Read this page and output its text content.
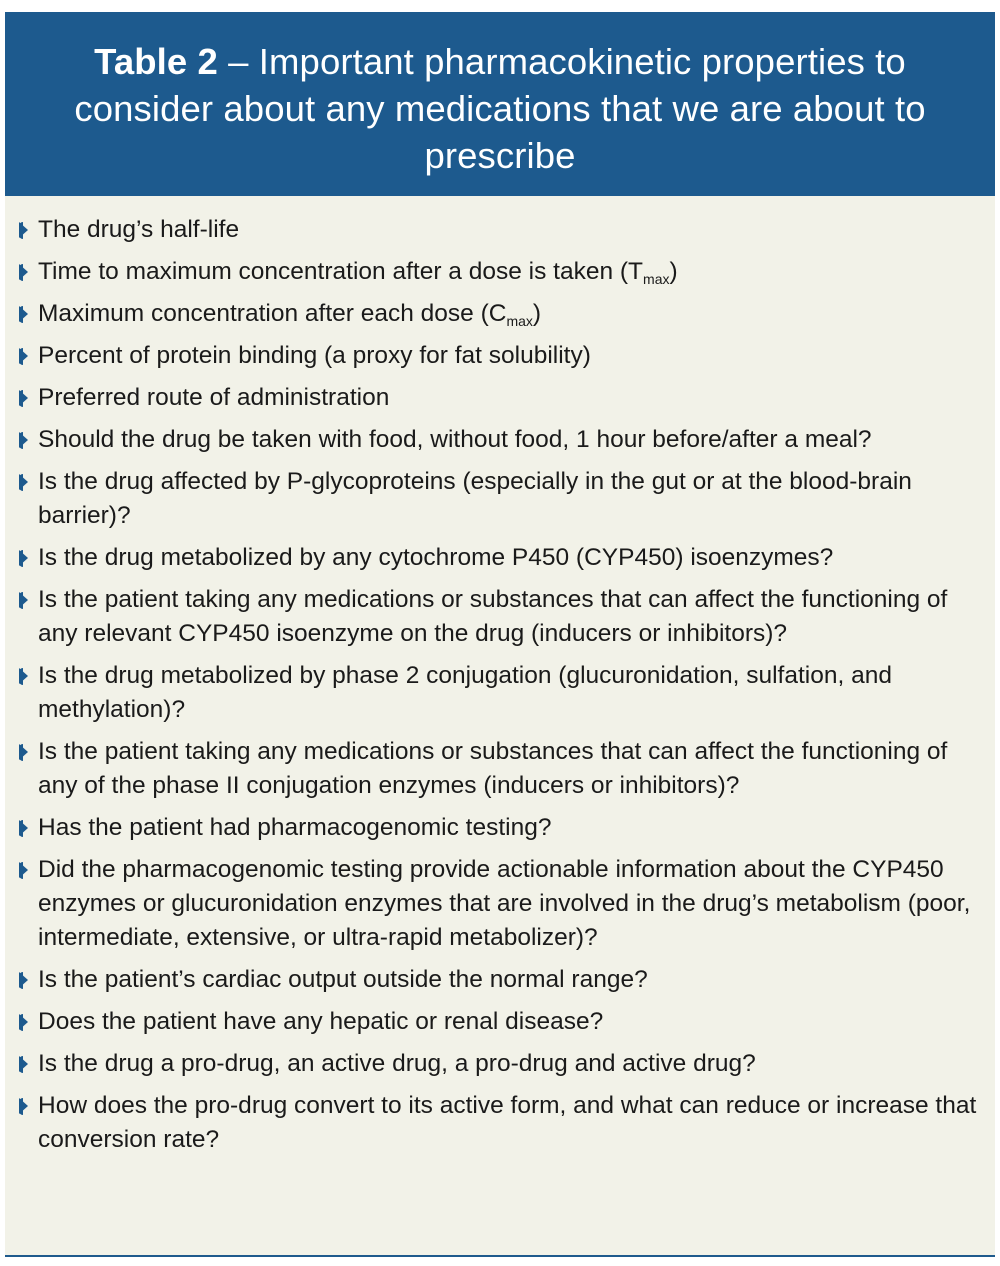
Table 2 – Important pharmacokinetic properties to consider about any medications that we are about to prescribe
The drug’s half-life
Time to maximum concentration after a dose is taken $(T_{max})$
Maximum concentration after each dose $(C_{max})$
Percent of protein binding (a proxy for fat solubility)
Preferred route of administration
Should the drug be taken with food, without food, 1 hour before/after a meal?
Is the drug affected by P-glycoproteins (especially in the gut or at the blood-brain barrier)?
Is the drug metabolized by any cytochrome P450 (CYP450) isoenzymes?
Is the patient taking any medications or substances that can affect the functioning of any relevant CYP450 isoenzyme on the drug (inducers or inhibitors)?
Is the drug metabolized by phase 2 conjugation (glucuronidation, sulfation, and methylation)?
Is the patient taking any medications or substances that can affect the functioning of any of the phase II conjugation enzymes (inducers or inhibitors)?
Has the patient had pharmacogenomic testing?
Did the pharmacogenomic testing provide actionable information about the CYP450 enzymes or glucuronidation enzymes that are involved in the drug’s metabolism (poor, intermediate, extensive, or ultra-rapid metabolizer)?
Is the patient’s cardiac output outside the normal range?
Does the patient have any hepatic or renal disease?
Is the drug a pro-drug, an active drug, a pro-drug and active drug?
How does the pro-drug convert to its active form, and what can reduce or increase that conversion rate?
